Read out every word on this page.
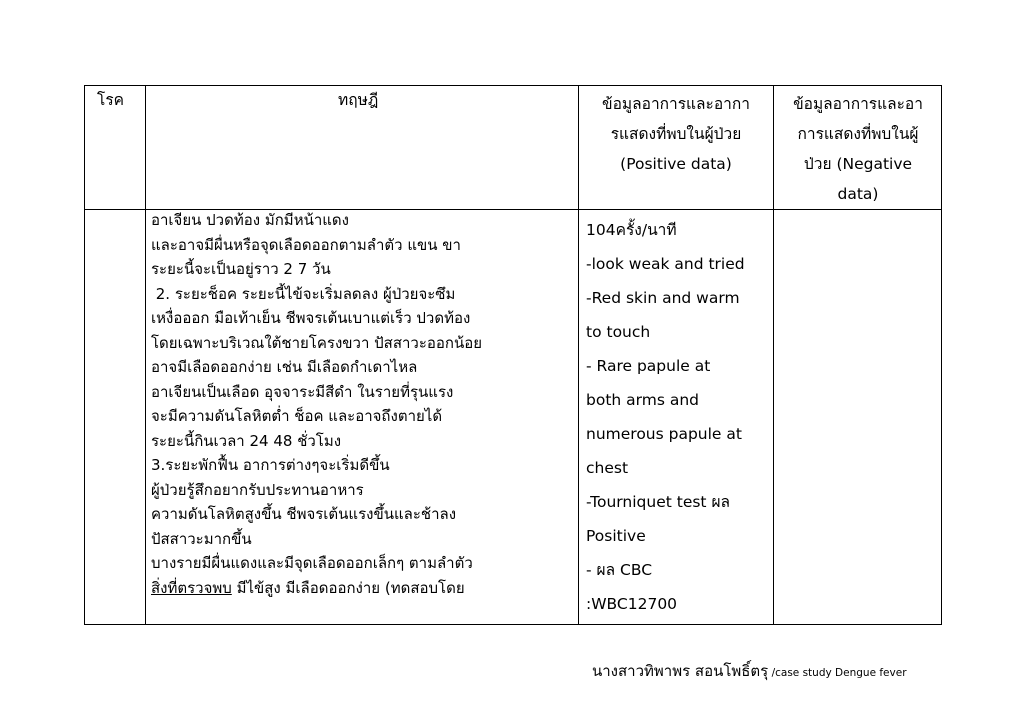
โรค	ทฤษฎี	ข้อมูลอาการและอากา
รแสดงที่พบในผู้ป่วย
(Positive data)
ข้อมูลอาการและอา
การแสดงที่พบในผู้
ป่วย (Negative
data)
อาเจียน ปวดท้อง มักมีหน้าแดง
และอาจมีผื่นหรือจุดเลือดออกตามลำตัว แขน ขา
ระยะนี้จะเป็นอยู่ราว 2 7 วัน
2. ระยะช็อค ระยะนี้ไข้จะเริ่มลดลง ผู้ป่วยจะซึม
เหงื่อออก มือเท้าเย็น ชีพจรเต้นเบาแต่เร็ว ปวดท้อง
โดยเฉพาะบริเวณใต้ชายโครงขวา ปัสสาวะออกน้อย
อาจมีเลือดออกง่าย เช่น มีเลือดกำเดาไหล
อาเจียนเป็นเลือด อุจจาระมีสีดำ ในรายที่รุนแรง
จะมีความดันโลหิตต่ำ ช็อค และอาจถึงตายได้
ระยะนี้กินเวลา 24 48 ชั่วโมง
3.ระยะพักฟื้น อาการต่างๆจะเริ่มดีขึ้น
ผู้ป่วยรู้สึกอยากรับประทานอาหาร
ความดันโลหิตสูงขึ้น ชีพจรเต้นแรงขึ้นและช้าลง
ปัสสาวะมากขึ้น
บางรายมีผื่นแดงและมีจุดเลือดออกเล็กๆ ตามลำตัว
สิ่งที่ตรวจพบ มีไข้สูง มีเลือดออกง่าย (ทดสอบโดย
104ครั้ง/นาที
-look weak and tried
-Red skin and warm
to touch
- Rare papule at
both arms and
numerous papule at
chest
-Tourniquet test ผล
Positive
- ผล CBC
:WBC12700
นางสาวทิพาพร สอนโพธิ์ตรุ /case study Dengue fever
